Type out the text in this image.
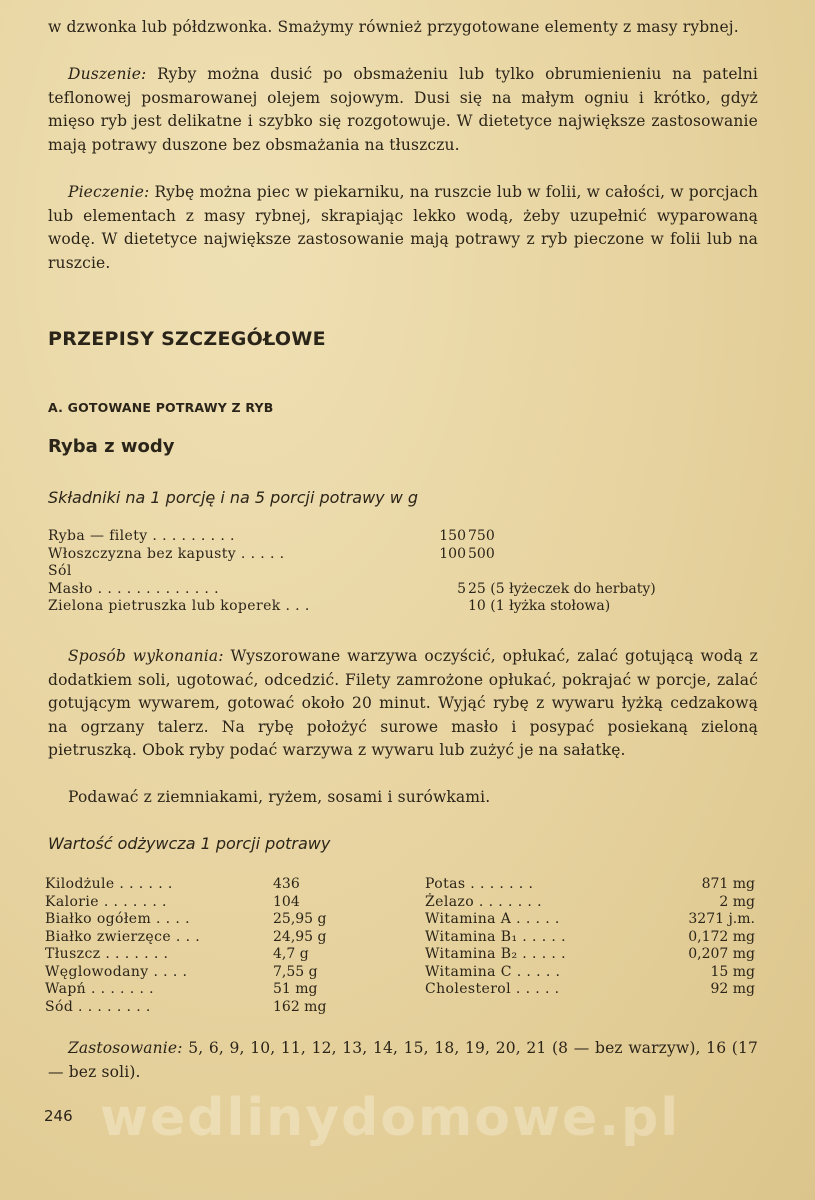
w dzwonka lub półdzwonka. Smażymy również przygotowane elementy z masy rybnej.

Duszenie: Ryby można dusić po obsmażeniu lub tylko obrumienieniu na patelni teflonowej posmarowanej olejem sojowym. Dusi się na małym ogniu i krótko, gdyż mięso ryb jest delikatne i szybko się rozgotowuje. W dietetyce największe zastosowanie mają potrawy duszone bez obsmażania na tłuszczu.

Pieczenie: Rybę można piec w piekarniku, na ruszcie lub w folii, w całości, w porcjach lub elementach z masy rybnej, skrapiając lekko wodą, żeby uzupełnić wyparowaną wodę. W dietetyce największe zastosowanie mają potrawy z ryb pieczone w folii lub na ruszcie.

PRZEPISY SZCZEGÓŁOWE
A. GOTOWANE POTRAWY Z RYB
Ryba z wody
Składniki na 1 porcję i na 5 porcji potrawy w g
Ryba — filety . . . . . . . . .	150 750
Włoszczyzna bez kapusty . . . . .	100 500
Sól
Masło . . . . . . . . . . . . .	5 25 (5 łyżeczek do herbaty)
Zielona pietruszka lub koperek . . .	10 (1 łyżka stołowa)

Sposób wykonania: Wyszorowane warzywa oczyścić, opłukać, zalać gotującą wodą z dodatkiem soli, ugotować, odcedzić. Filety zamrożone opłukać, pokrajać w porcje, zalać gotującym wywarem, gotować około 20 minut. Wyjąć rybę z wywaru łyżką cedzakową na ogrzany talerz. Na rybę położyć surowe masło i posypać posiekaną zieloną pietruszką. Obok ryby podać warzywa z wywaru lub zużyć je na sałatkę.

Podawać z ziemniakami, ryżem, sosami i surówkami.

Wartość odżywcza 1 porcji potrawy
Kilodżule . . . . . .	436
Kalorie . . . . . . .	104
Białko ogółem . . . .	25,95 g
Białko zwierzęce . . .	24,95 g
Tłuszcz . . . . . . .	4,7 g
Węglowodany . . . .	7,55 g
Wapń . . . . . . .	51 mg
Sód . . . . . . . .	162 mg
Potas . . . . . . .	871 mg
Żelazo . . . . . . .	2 mg
Witamina A . . . . .	3271 j.m.
Witamina B₁ . . . . .	0,172 mg
Witamina B₂ . . . . .	0,207 mg
Witamina C . . . . .	15 mg
Cholesterol . . . . .	92 mg

Zastosowanie: 5, 6, 9, 10, 11, 12, 13, 14, 15, 18, 19, 20, 21 (8 — bez warzyw), 16 (17 — bez soli).

wedlinydomowe.pl
246
